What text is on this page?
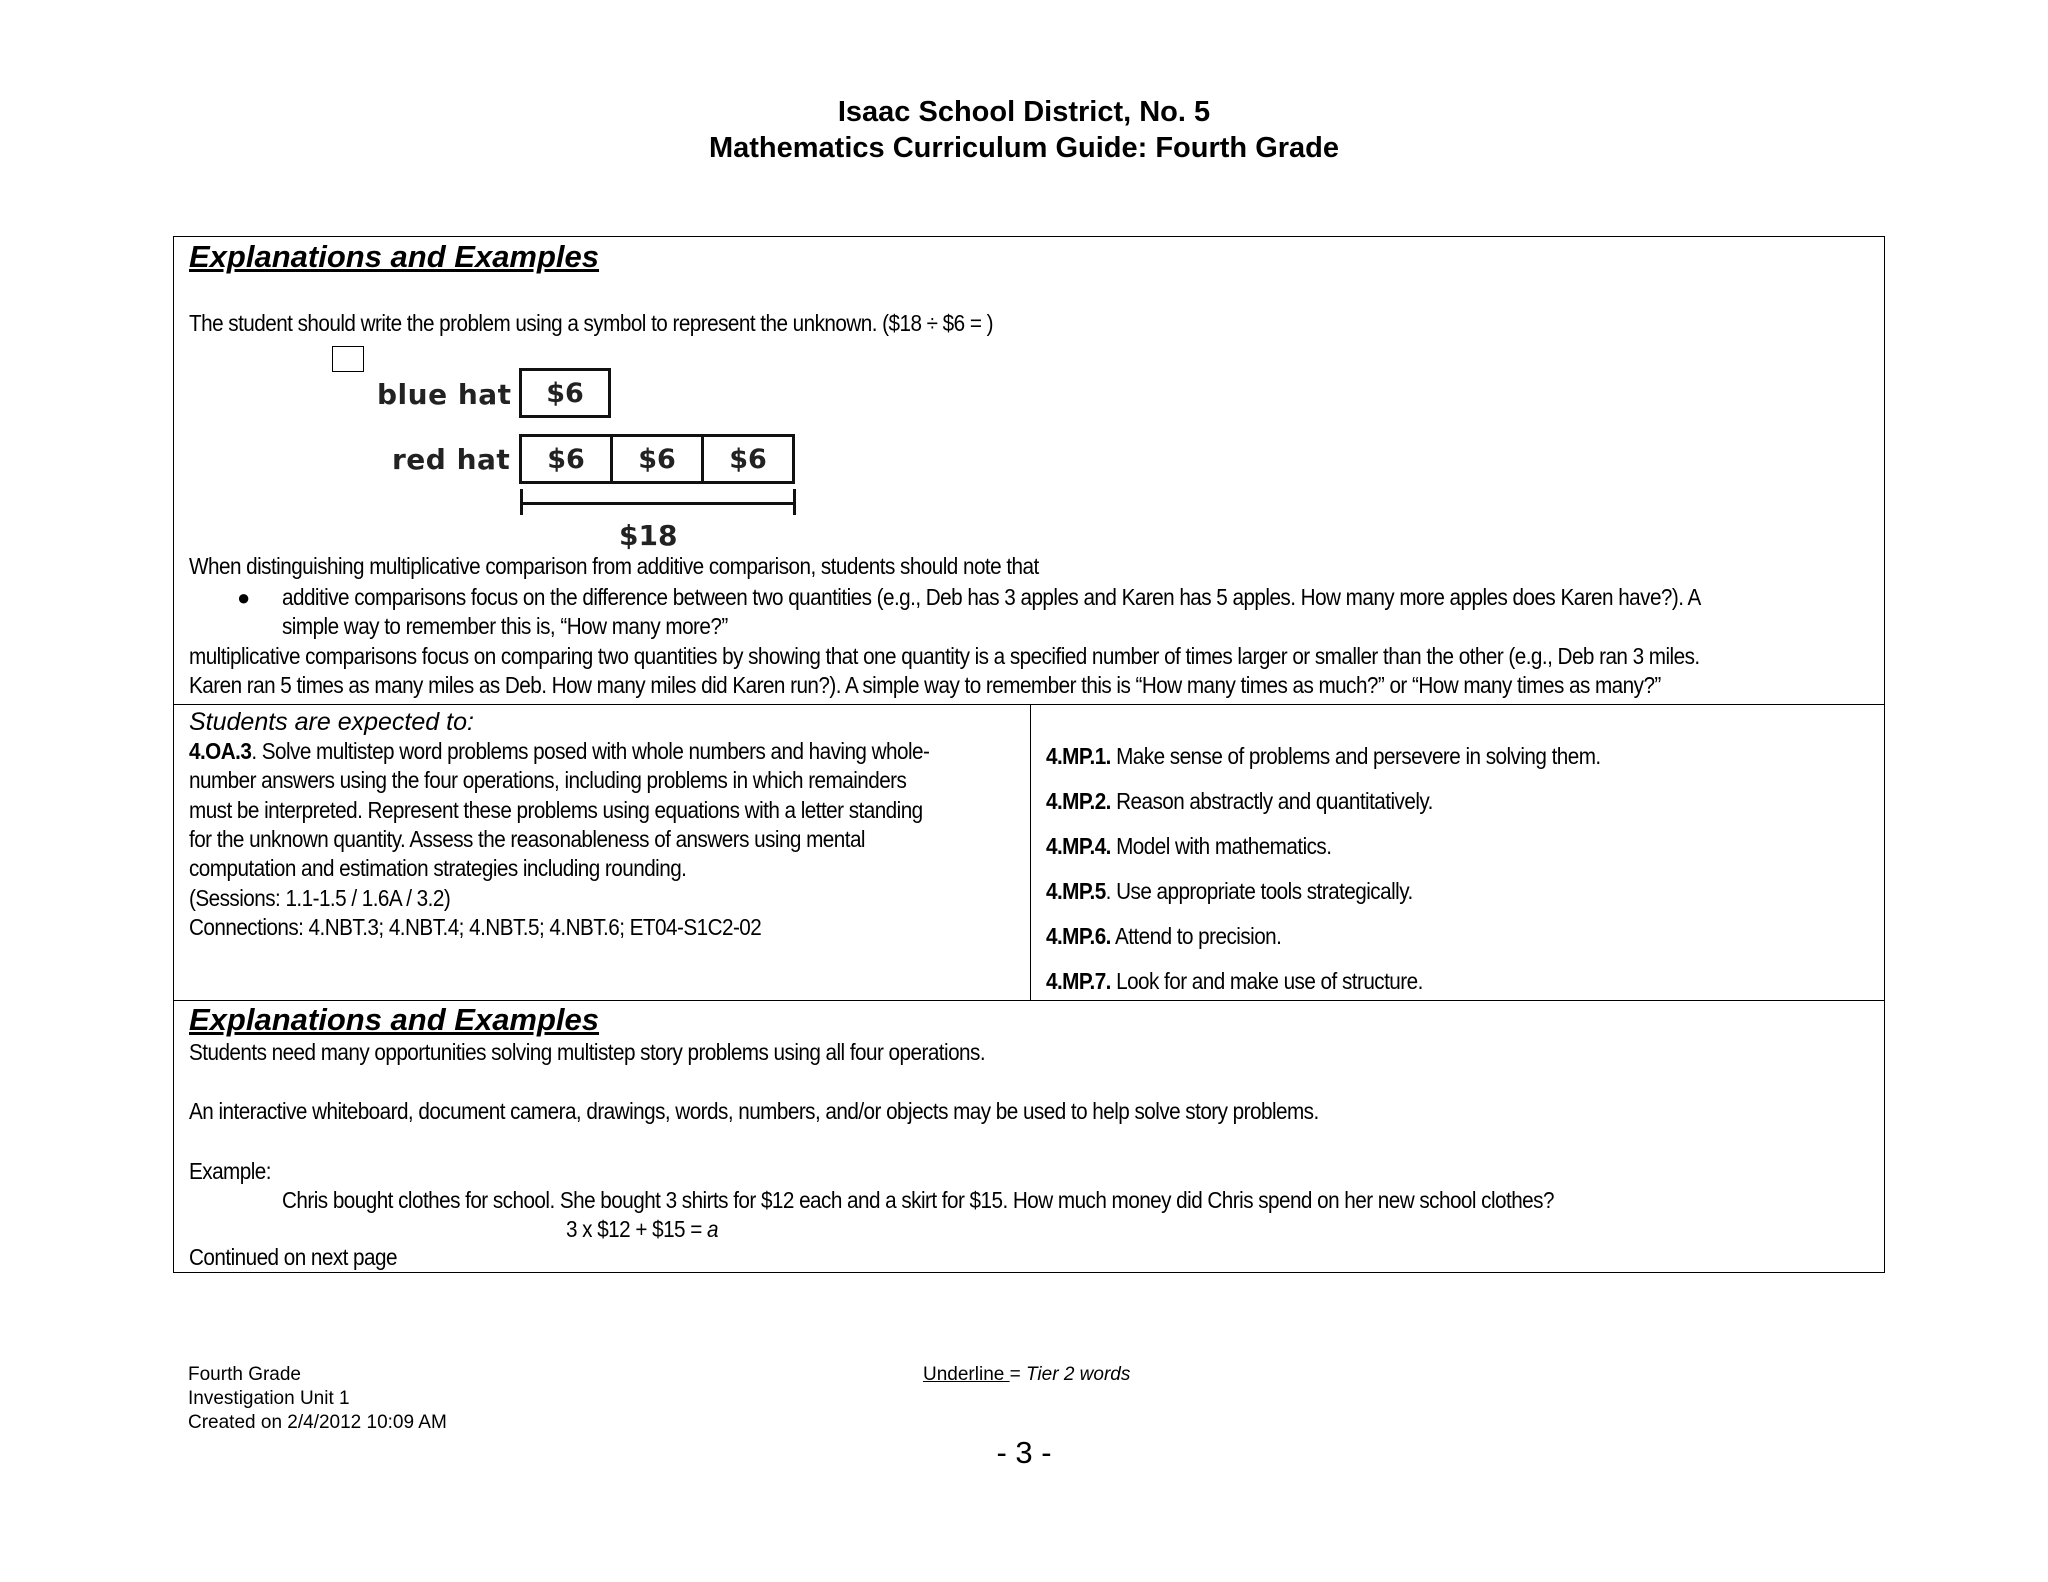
Isaac School District, No. 5
Mathematics Curriculum Guide: Fourth Grade
Explanations and Examples
The student should write the problem using a symbol to represent the unknown. ($18 ÷ $6 = )
blue hat	$6
red hat	$6	$6	$6
$18
When distinguishing multiplicative comparison from additive comparison, students should note that
● additive comparisons focus on the difference between two quantities (e.g., Deb has 3 apples and Karen has 5 apples. How many more apples does Karen have?). A
simple way to remember this is, “How many more?”
multiplicative comparisons focus on comparing two quantities by showing that one quantity is a specified number of times larger or smaller than the other (e.g., Deb ran 3 miles.
Karen ran 5 times as many miles as Deb. How many miles did Karen run?). A simple way to remember this is “How many times as much?” or “How many times as many?”
Students are expected to:
4.OA.3. Solve multistep word problems posed with whole numbers and having whole-
number answers using the four operations, including problems in which remainders
must be interpreted. Represent these problems using equations with a letter standing
for the unknown quantity. Assess the reasonableness of answers using mental
computation and estimation strategies including rounding.
(Sessions: 1.1-1.5 / 1.6A / 3.2)
Connections: 4.NBT.3; 4.NBT.4; 4.NBT.5; 4.NBT.6; ET04-S1C2-02
4.MP.1. Make sense of problems and persevere in solving them.
4.MP.2. Reason abstractly and quantitatively.
4.MP.4. Model with mathematics.
4.MP.5. Use appropriate tools strategically.
4.MP.6. Attend to precision.
4.MP.7. Look for and make use of structure.
Explanations and Examples
Students need many opportunities solving multistep story problems using all four operations.
An interactive whiteboard, document camera, drawings, words, numbers, and/or objects may be used to help solve story problems.
Example:
Chris bought clothes for school. She bought 3 shirts for $12 each and a skirt for $15. How much money did Chris spend on her new school clothes?
3 x $12 + $15 = a
Continued on next page
Fourth Grade
Investigation Unit 1
Created on 2/4/2012 10:09 AM
Underline = Tier 2 words
- 3 -
